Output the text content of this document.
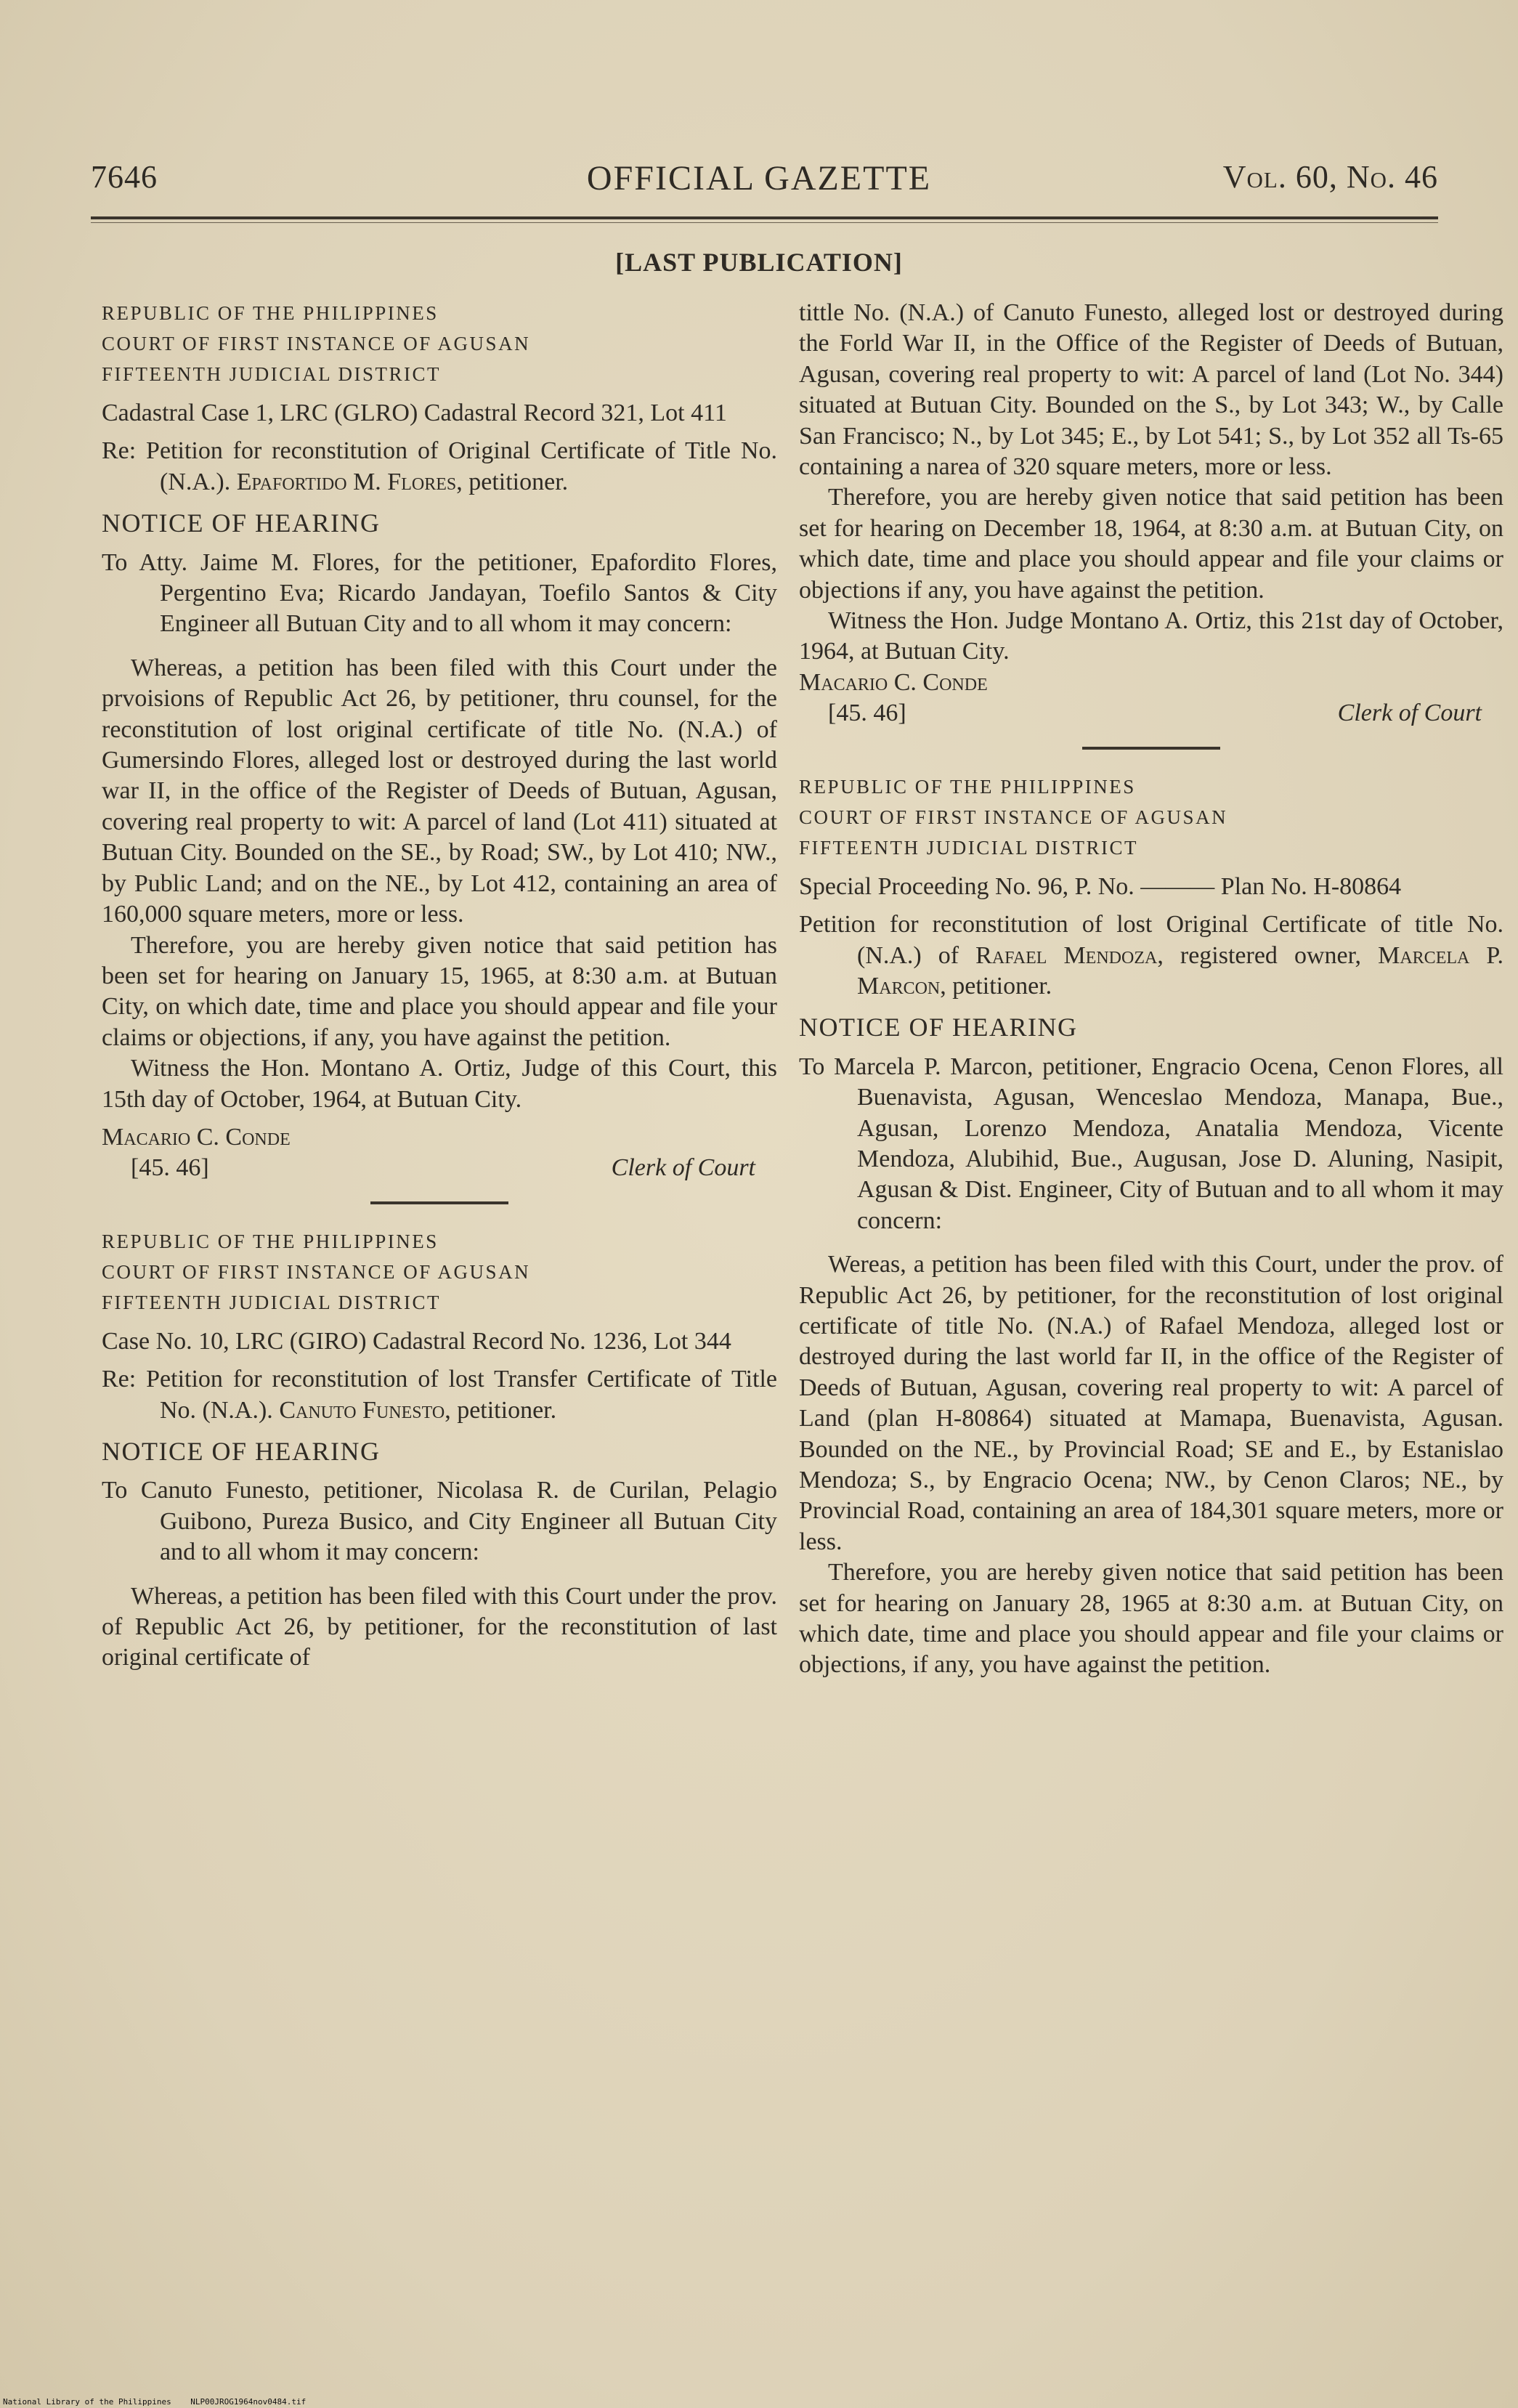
7646	OFFICIAL GAZETTE	Vol. 60, No. 46
[LAST PUBLICATION]

REPUBLIC OF THE PHILIPPINES

COURT OF FIRST INSTANCE OF AGUSAN

FIFTEENTH JUDICIAL DISTRICT

Cadastral Case 1, LRC (GLRO) Cadastral Record 321, Lot 411

Re: Petition for reconstitution of Original Certificate of Title No. (N.A.). Epafortido M. Flores, petitioner.

NOTICE OF HEARING

To Atty. Jaime M. Flores, for the petitioner, Epafordito Flores, Pergentino Eva; Ricardo Jandayan, Toefilo Santos & City Engineer all Butuan City and to all whom it may concern:

Whereas, a petition has been filed with this Court under the prvoisions of Republic Act 26, by petitioner, thru counsel, for the reconstitution of lost original certificate of title No. (N.A.) of Gumersindo Flores, alleged lost or destroyed during the last world war II, in the office of the Register of Deeds of Butuan, Agusan, covering real property to wit: A parcel of land (Lot 411) situated at Butuan City. Bounded on the SE., by Road; SW., by Lot 410; NW., by Public Land; and on the NE., by Lot 412, containing an area of 160,000 square meters, more or less.

Therefore, you are hereby given notice that said petition has been set for hearing on January 15, 1965, at 8:30 a.m. at Butuan City, on which date, time and place you should appear and file your claims or objections, if any, you have against the petition.

Witness the Hon. Montano A. Ortiz, Judge of this Court, this 15th day of October, 1964, at Butuan City.

Macario C. Conde

[45. 46]	Clerk of Court

REPUBLIC OF THE PHILIPPINES

COURT OF FIRST INSTANCE OF AGUSAN

FIFTEENTH JUDICIAL DISTRICT

Case No. 10, LRC (GIRO) Cadastral Record No. 1236, Lot 344

Re: Petition for reconstitution of lost Transfer Certificate of Title No. (N.A.). Canuto Funesto, petitioner.

NOTICE OF HEARING

To Canuto Funesto, petitioner, Nicolasa R. de Curilan, Pelagio Guibono, Pureza Busico, and City Engineer all Butuan City and to all whom it may concern:

Whereas, a petition has been filed with this Court under the prov. of Republic Act 26, by petitioner, for the reconstitution of last original certificate of

tittle No. (N.A.) of Canuto Funesto, alleged lost or destroyed during the Forld War II, in the Office of the Register of Deeds of Butuan, Agusan, covering real property to wit: A parcel of land (Lot No. 344) situated at Butuan City. Bounded on the S., by Lot 343; W., by Calle San Francisco; N., by Lot 345; E., by Lot 541; S., by Lot 352 all Ts-65 containing a narea of 320 square meters, more or less.

Therefore, you are hereby given notice that said petition has been set for hearing on December 18, 1964, at 8:30 a.m. at Butuan City, on which date, time and place you should appear and file your claims or objections if any, you have against the petition.

Witness the Hon. Judge Montano A. Ortiz, this 21st day of October, 1964, at Butuan City.

Macario C. Conde

[45. 46]	Clerk of Court

REPUBLIC OF THE PHILIPPINES

COURT OF FIRST INSTANCE OF AGUSAN

FIFTEENTH JUDICIAL DISTRICT

Special Proceeding No. 96, P. No. ——— Plan No. H-80864

Petition for reconstitution of lost Original Certificate of title No. (N.A.) of Rafael Mendoza, registered owner, Marcela P. Marcon, petitioner.

NOTICE OF HEARING

To Marcela P. Marcon, petitioner, Engracio Ocena, Cenon Flores, all Buenavista, Agusan, Wenceslao Mendoza, Manapa, Bue., Agusan, Lorenzo Mendoza, Anatalia Mendoza, Vicente Mendoza, Alubihid, Bue., Augusan, Jose D. Aluning, Nasipit, Agusan & Dist. Engineer, City of Butuan and to all whom it may concern:

Wereas, a petition has been filed with this Court, under the prov. of Republic Act 26, by petitioner, for the reconstitution of lost original certificate of title No. (N.A.) of Rafael Mendoza, alleged lost or destroyed during the last world far II, in the office of the Register of Deeds of Butuan, Agusan, covering real property to wit: A parcel of Land (plan H-80864) situated at Mamapa, Buenavista, Agusan. Bounded on the NE., by Provincial Road; SE and E., by Estanislao Mendoza; S., by Engracio Ocena; NW., by Cenon Claros; NE., by Provincial Road, containing an area of 184,301 square meters, more or less.

Therefore, you are hereby given notice that said petition has been set for hearing on January 28, 1965 at 8:30 a.m. at Butuan City, on which date, time and place you should appear and file your claims or objections, if any, you have against the petition.

National Library of the Philippines NLP00JROG1964nov0484.tif
